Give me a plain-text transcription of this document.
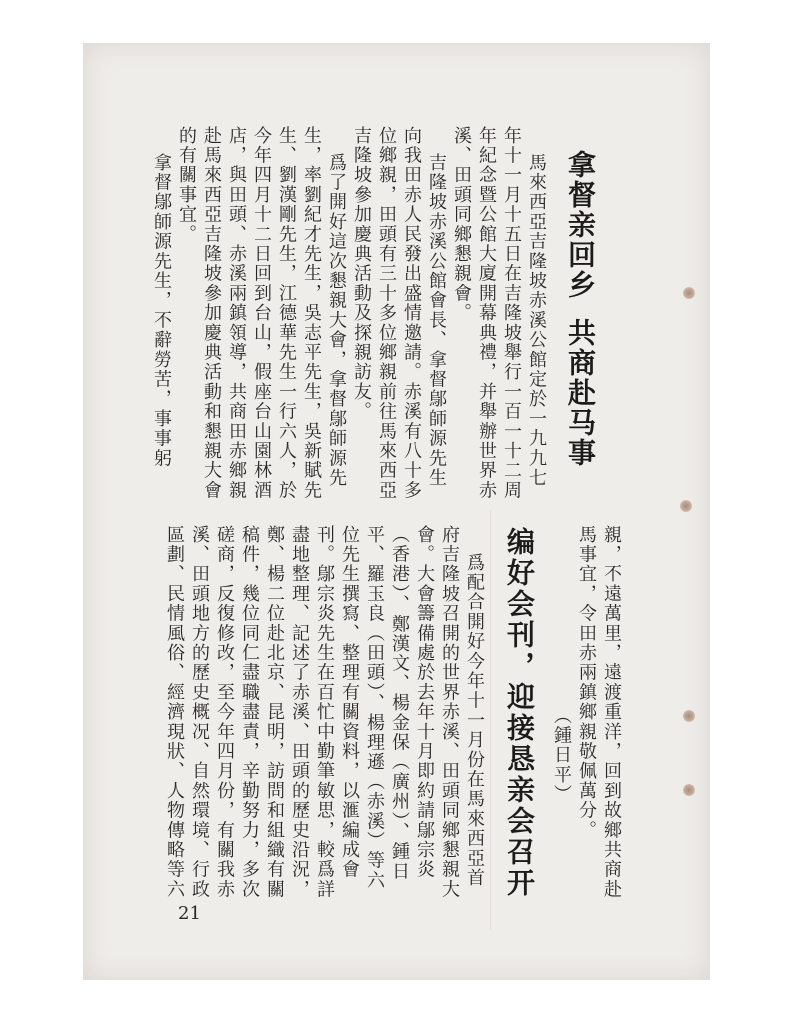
拿督亲回乡
共商赴马事
馬來西亞吉隆坡赤溪公館定於一九九七
年十一月十五日在吉隆坡舉行一百一十二周
年紀念暨公館大廈開幕典禮，并舉辦世界赤
溪、田頭同鄉懇親會。
吉隆坡赤溪公館會長、拿督鄔師源先生
向我田赤人民發出盛情邀請。赤溪有八十多
位鄉親，田頭有三十多位鄉親前往馬來西亞
吉隆坡參加慶典活動及探親訪友。
爲了開好這次懇親大會，拿督鄔師源先
生，率劉紀才先生，吳志平先生，吳新賦先
生、劉漢剛先生，江德華先生一行六人，於
今年四月十二日回到台山，假座台山園林酒
店，與田頭、赤溪兩鎮領導，共商田赤鄉親
赴馬來西亞吉隆坡參加慶典活動和懇親大會
的有關事宜。
拿督鄔師源先生，不辭勞苦，事事躬
親，不遠萬里，遠渡重洋，回到故鄉共商赴
馬事宜，令田赤兩鎮鄉親敬佩萬分。
（鍾日平）
编好会刊，迎接恳亲会召开
爲配合開好今年十一月份在馬來西亞首
府吉隆坡召開的世界赤溪、田頭同鄉懇親大
會。大會籌備處於去年十月即約請鄔宗炎
（香港）、鄭漢文、楊金保（廣州）、鍾日
平、羅玉良（田頭）、楊理遜（赤溪）等六
位先生撰寫、整理有關資料，以滙編成會
刊。鄔宗炎先生在百忙中勤筆敏思，較爲詳
盡地整理、記述了赤溪、田頭的歷史沿況，
鄭、楊二位赴北京、昆明，訪問和組織有關
稿件，幾位同仁盡職盡責，辛勤努力，多次
磋商，反復修改，至今年四月份，有關我赤
溪、田頭地方的歷史概况、自然環境、行政
區劃、民情風俗、經濟現狀、人物傳略等六
21
